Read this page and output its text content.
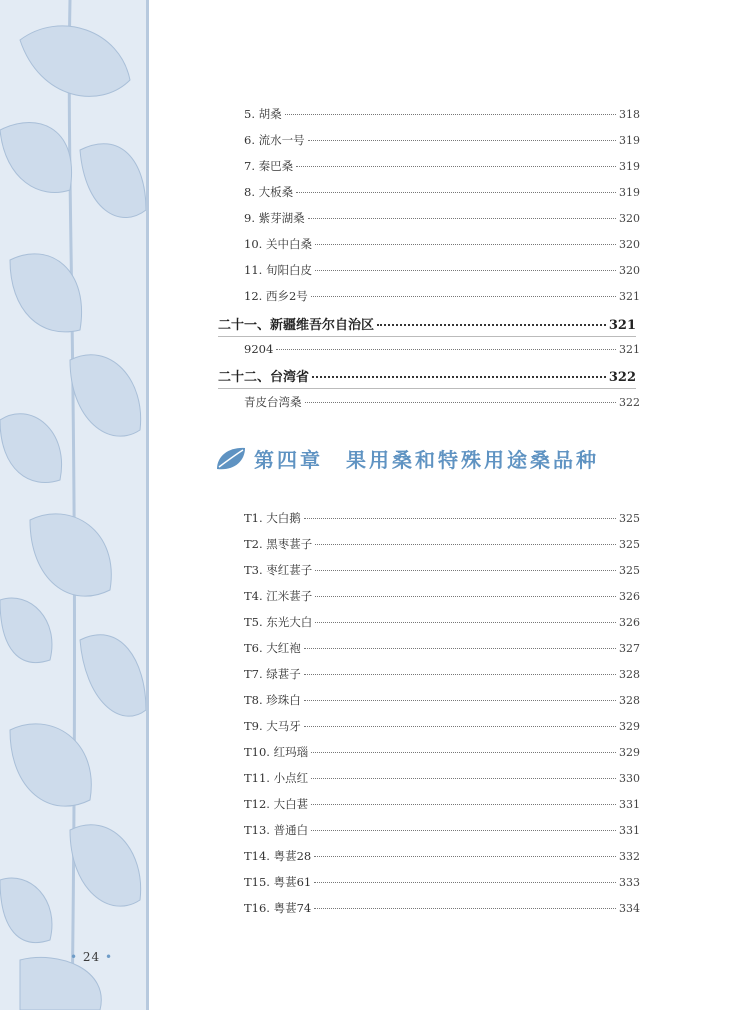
• 24 •
5. 胡桑	318
6. 流水一号	319
7. 秦巴桑	319
8. 大板桑	319
9. 紫芽湖桑	320
10. 关中白桑	320
11. 旬阳白皮	320
12. 西乡2号	321
二十一、新疆维吾尔自治区	321
9204	321
二十二、台湾省	322
青皮台湾桑	322
第四章　果用桑和特殊用途桑品种
T1. 大白鹅	325
T2. 黑枣葚子	325
T3. 枣红葚子	325
T4. 江米葚子	326
T5. 东光大白	326
T6. 大红袍	327
T7. 绿葚子	328
T8. 珍珠白	328
T9. 大马牙	329
T10. 红玛瑙	329
T11. 小点红	330
T12. 大白葚	331
T13. 普通白	331
T14. 粤葚28	332
T15. 粤葚61	333
T16. 粤葚74	334
